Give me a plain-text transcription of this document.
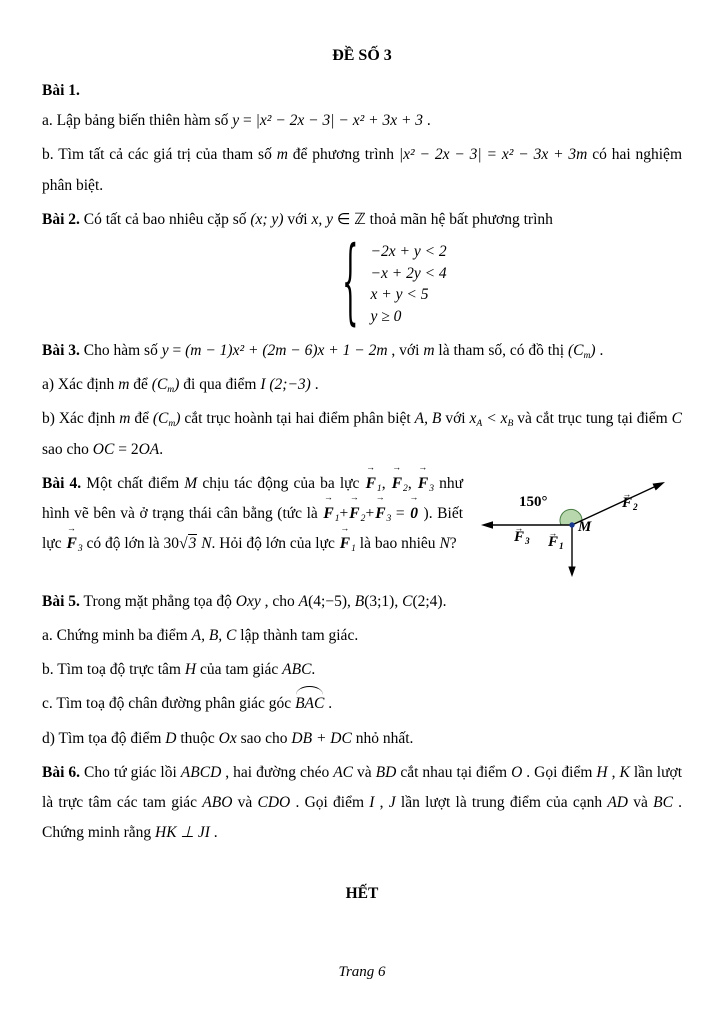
ĐỀ SỐ 3

Bài 1.

a. Lập bảng biến thiên hàm số y = |x² − 2x − 3| − x² + 3x + 3 .

b. Tìm tất cả các giá trị của tham số m để phương trình |x² − 2x − 3| = x² − 3x + 3m có hai nghiệm phân biệt.

Bài 2. Có tất cả bao nhiêu cặp số (x; y) với x, y ∈ ℤ thoả mãn hệ bất phương trình

{ −2x + y < 2
−x + 2y < 4
x + y < 5
y ≥ 0

Bài 3. Cho hàm số y = (m − 1)x² + (2m − 6)x + 1 − 2m , với m là tham số, có đồ thị $(C_m)$ .

a) Xác định m để $(C_m)$ đi qua điểm I (2;−3) .

b) Xác định m để $(C_m)$ cắt trục hoành tại hai điểm phân biệt A, B với $x_A < x_B$ và cắt trục tung tại điểm C sao cho OC = 2OA.

150°	$F \to_2$
$F \to_3$ $F \to_1$
M

Bài 4. Một chất điểm M chịu tác động của ba lực $F \to_1$, $F \to_2$, $F \to_3$ như hình vẽ bên và ở trạng thái cân bằng (tức là $F \to_1+F \to_2+F \to_3 = 0$ → ). Biết lực $F \to_3$ có độ lớn là 30√3 N. Hỏi độ lớn của lực $F \to_1$ là bao nhiêu N?

Bài 5. Trong mặt phẳng tọa độ Oxy , cho A(4;−5), B(3;1), C(2;4).

a. Chứng minh ba điểm A, B, C lập thành tam giác.

b. Tìm toạ độ trực tâm H của tam giác ABC.

c. Tìm toạ độ chân đường phân giác góc BAC .

d) Tìm tọa độ điểm D thuộc Ox sao cho DB + DC nhỏ nhất.

Bài 6. Cho tứ giác lồi ABCD , hai đường chéo AC và BD cắt nhau tại điểm O . Gọi điểm H , K lần lượt là trực tâm các tam giác ABO và CDO . Gọi điểm I , J lần lượt là trung điểm của cạnh AD và BC . Chứng minh rằng HK ⊥ JI .

HẾT
Trang 6
